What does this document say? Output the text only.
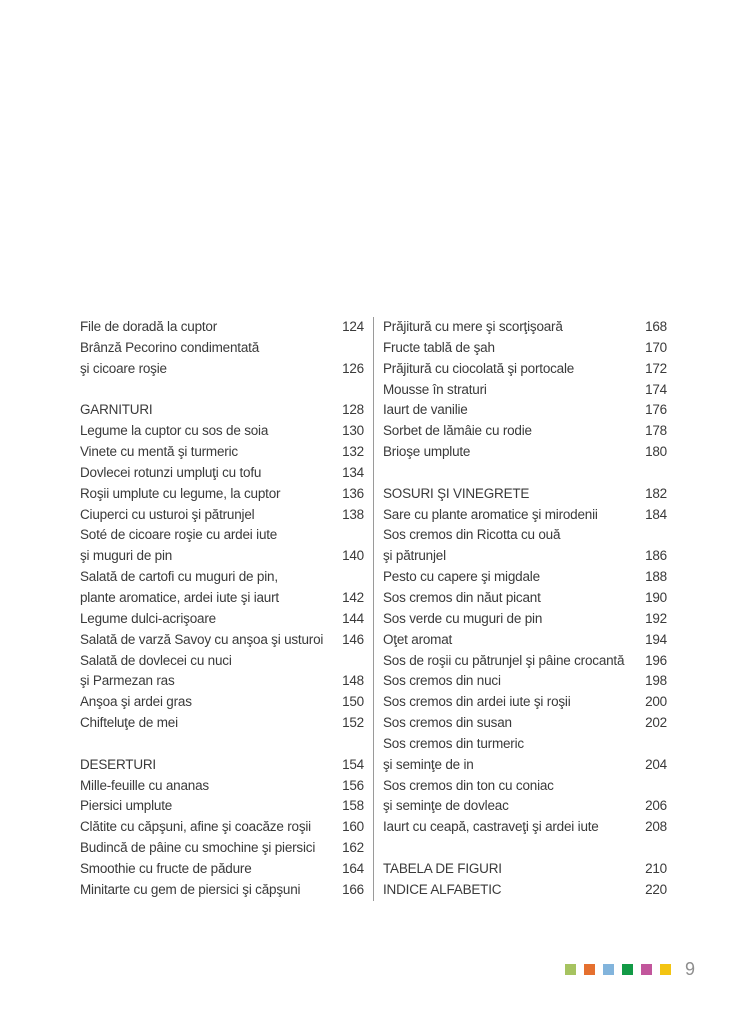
File de doradă la cuptor	124
Brânză Pecorino condimentată
şi cicoare roşie	126
GARNITURI	128
Legume la cuptor cu sos de soia	130
Vinete cu mentă şi turmeric	132
Dovlecei rotunzi umpluţi cu tofu	134
Roşii umplute cu legume, la cuptor	136
Ciuperci cu usturoi şi pătrunjel	138
Soté de cicoare roşie cu ardei iute
şi muguri de pin	140
Salată de cartofi cu muguri de pin,
plante aromatice, ardei iute şi iaurt	142
Legume dulci-acrişoare	144
Salată de varză Savoy cu anşoa şi usturoi 146
Salată de dovlecei cu nuci
şi Parmezan ras	148
Anşoa şi ardei gras	150
Chifteluţe de mei	152
DESERTURI	154
Mille-feuille cu ananas	156
Piersici umplute	158
Clătite cu căpşuni, afine şi coacăze roşii 160
Budincă de pâine cu smochine şi piersici 162
Smoothie cu fructe de pădure	164
Minitarte cu gem de piersici şi căpşuni	166
Prăjitură cu mere şi scorţişoară	168
Fructe tablă de şah	170
Prăjitură cu ciocolată şi portocale	172
Mousse în straturi	174
Iaurt de vanilie	176
Sorbet de lămâie cu rodie	178
Brioşe umplute	180
SOSURI ŞI VINEGRETE	182
Sare cu plante aromatice şi mirodenii	184
Sos cremos din Ricotta cu ouă
şi pătrunjel	186
Pesto cu capere şi migdale	188
Sos cremos din năut picant	190
Sos verde cu muguri de pin	192
Oţet aromat	194
Sos de roşii cu pătrunjel şi pâine crocantă 196
Sos cremos din nuci	198
Sos cremos din ardei iute şi roşii	200
Sos cremos din susan	202
Sos cremos din turmeric
şi seminţe de in	204
Sos cremos din ton cu coniac
şi seminţe de dovleac	206
Iaurt cu ceapă, castraveţi şi ardei iute	208
TABELA DE FIGURI	210
INDICE ALFABETIC	220
9
